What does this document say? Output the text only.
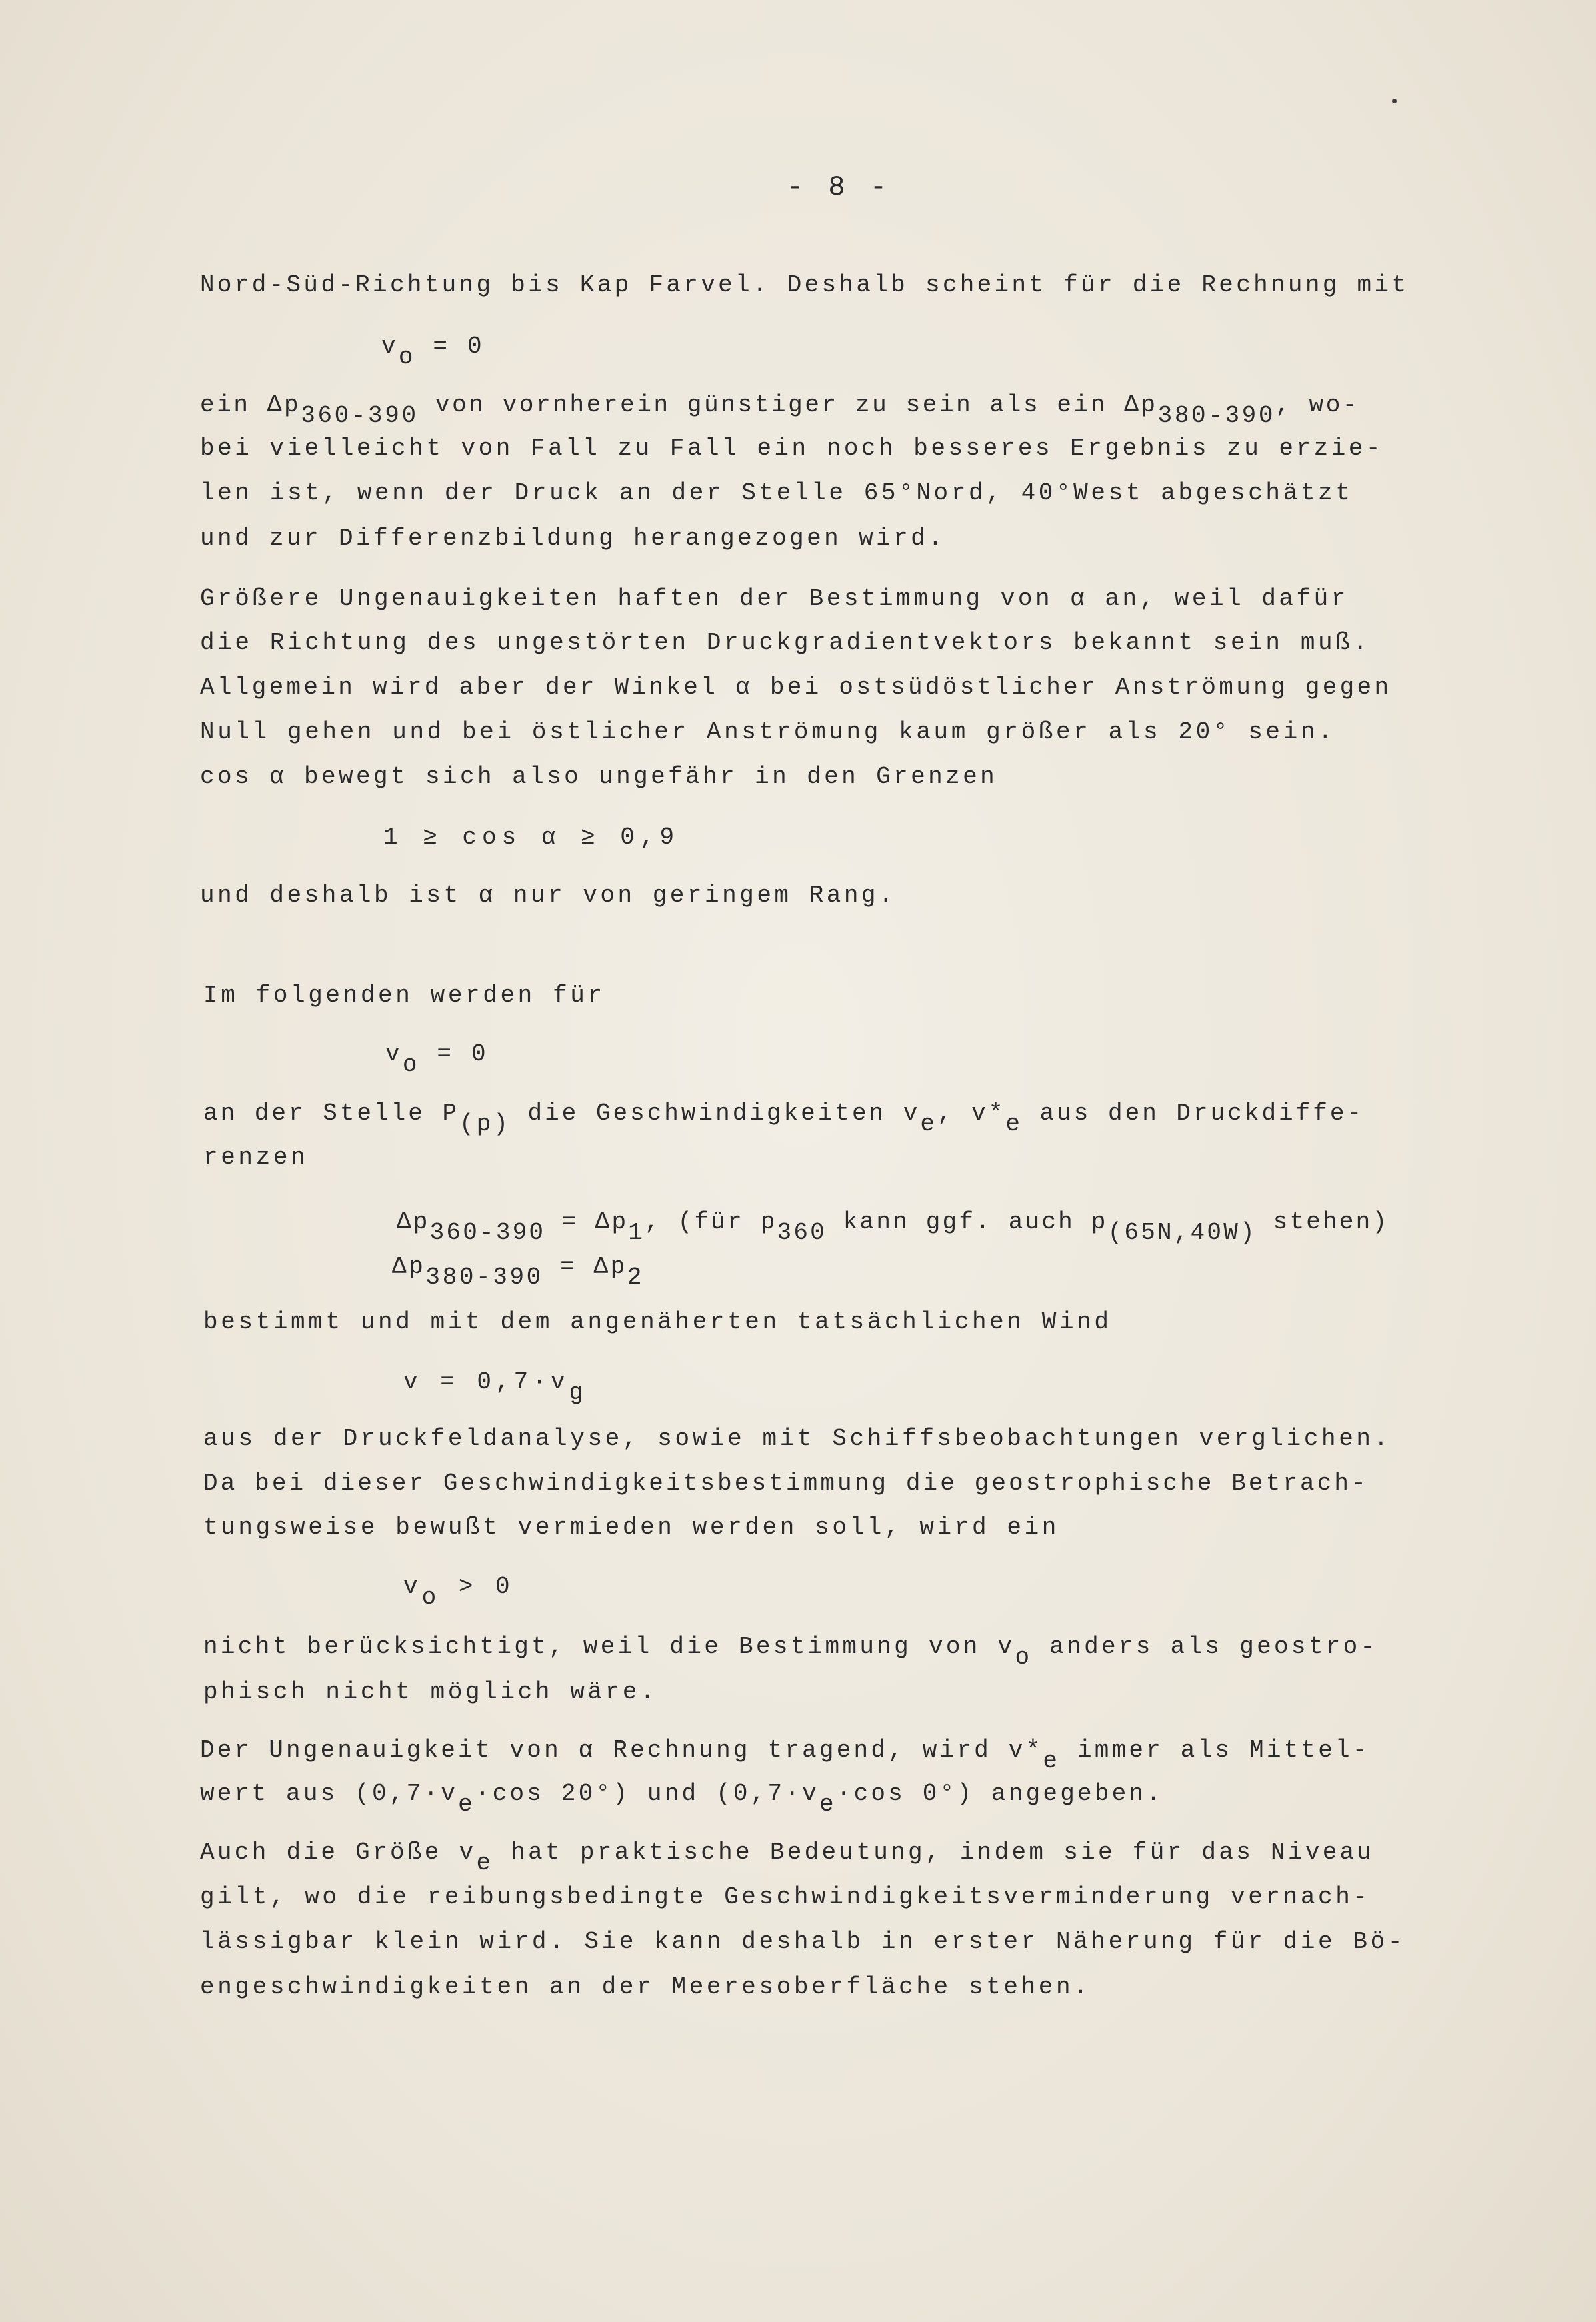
- 8 -
Nord-Süd-Richtung bis Kap Farvel. Deshalb scheint für die Rechnung mit
$v_o = 0$
ein $\Delta p_{360-390}$ von vornherein günstiger zu sein als ein $\Delta p_{380-390}$, wo-
bei vielleicht von Fall zu Fall ein noch besseres Ergebnis zu erzie-
len ist, wenn der Druck an der Stelle 65°Nord, 40°West abgeschätzt
und zur Differenzbildung herangezogen wird.
Größere Ungenauigkeiten haften der Bestimmung von α an, weil dafür
die Richtung des ungestörten Druckgradientvektors bekannt sein muß.
Allgemein wird aber der Winkel α bei ostsüdöstlicher Anströmung gegen
Null gehen und bei östlicher Anströmung kaum größer als 20° sein.
cos α bewegt sich also ungefähr in den Grenzen
1 ≥ cos α ≥ 0,9
und deshalb ist α nur von geringem Rang.
Im folgenden werden für
$v_o = 0$
an der Stelle $P_{(p)}$ die Geschwindigkeiten $v_e$, $v*_e$ aus den Druckdiffe-
renzen
$\Delta p_{360-390} = \Delta p_1$, (für $p_{360}$ kann ggf. auch $p_{(65N,40W)}$ stehen)
$\Delta p_{380-390} = \Delta p_2$
bestimmt und mit dem angenäherten tatsächlichen Wind
$v = 0,7\cdot v_g$
aus der Druckfeldanalyse, sowie mit Schiffsbeobachtungen verglichen.
Da bei dieser Geschwindigkeitsbestimmung die geostrophische Betrach-
tungsweise bewußt vermieden werden soll, wird ein
$v_o > 0$
nicht berücksichtigt, weil die Bestimmung von $v_o$ anders als geostro-
phisch nicht möglich wäre.
Der Ungenauigkeit von α Rechnung tragend, wird $v*_e$ immer als Mittel-
wert aus ($0,7\cdot v_e\cdot\cos$ 20°) und ($0,7\cdot v_e\cdot\cos$ 0°) angegeben.
Auch die Größe $v_e$ hat praktische Bedeutung, indem sie für das Niveau
gilt, wo die reibungsbedingte Geschwindigkeitsverminderung vernach-
lässigbar klein wird. Sie kann deshalb in erster Näherung für die Bö-
engeschwindigkeiten an der Meeresoberfläche stehen.
